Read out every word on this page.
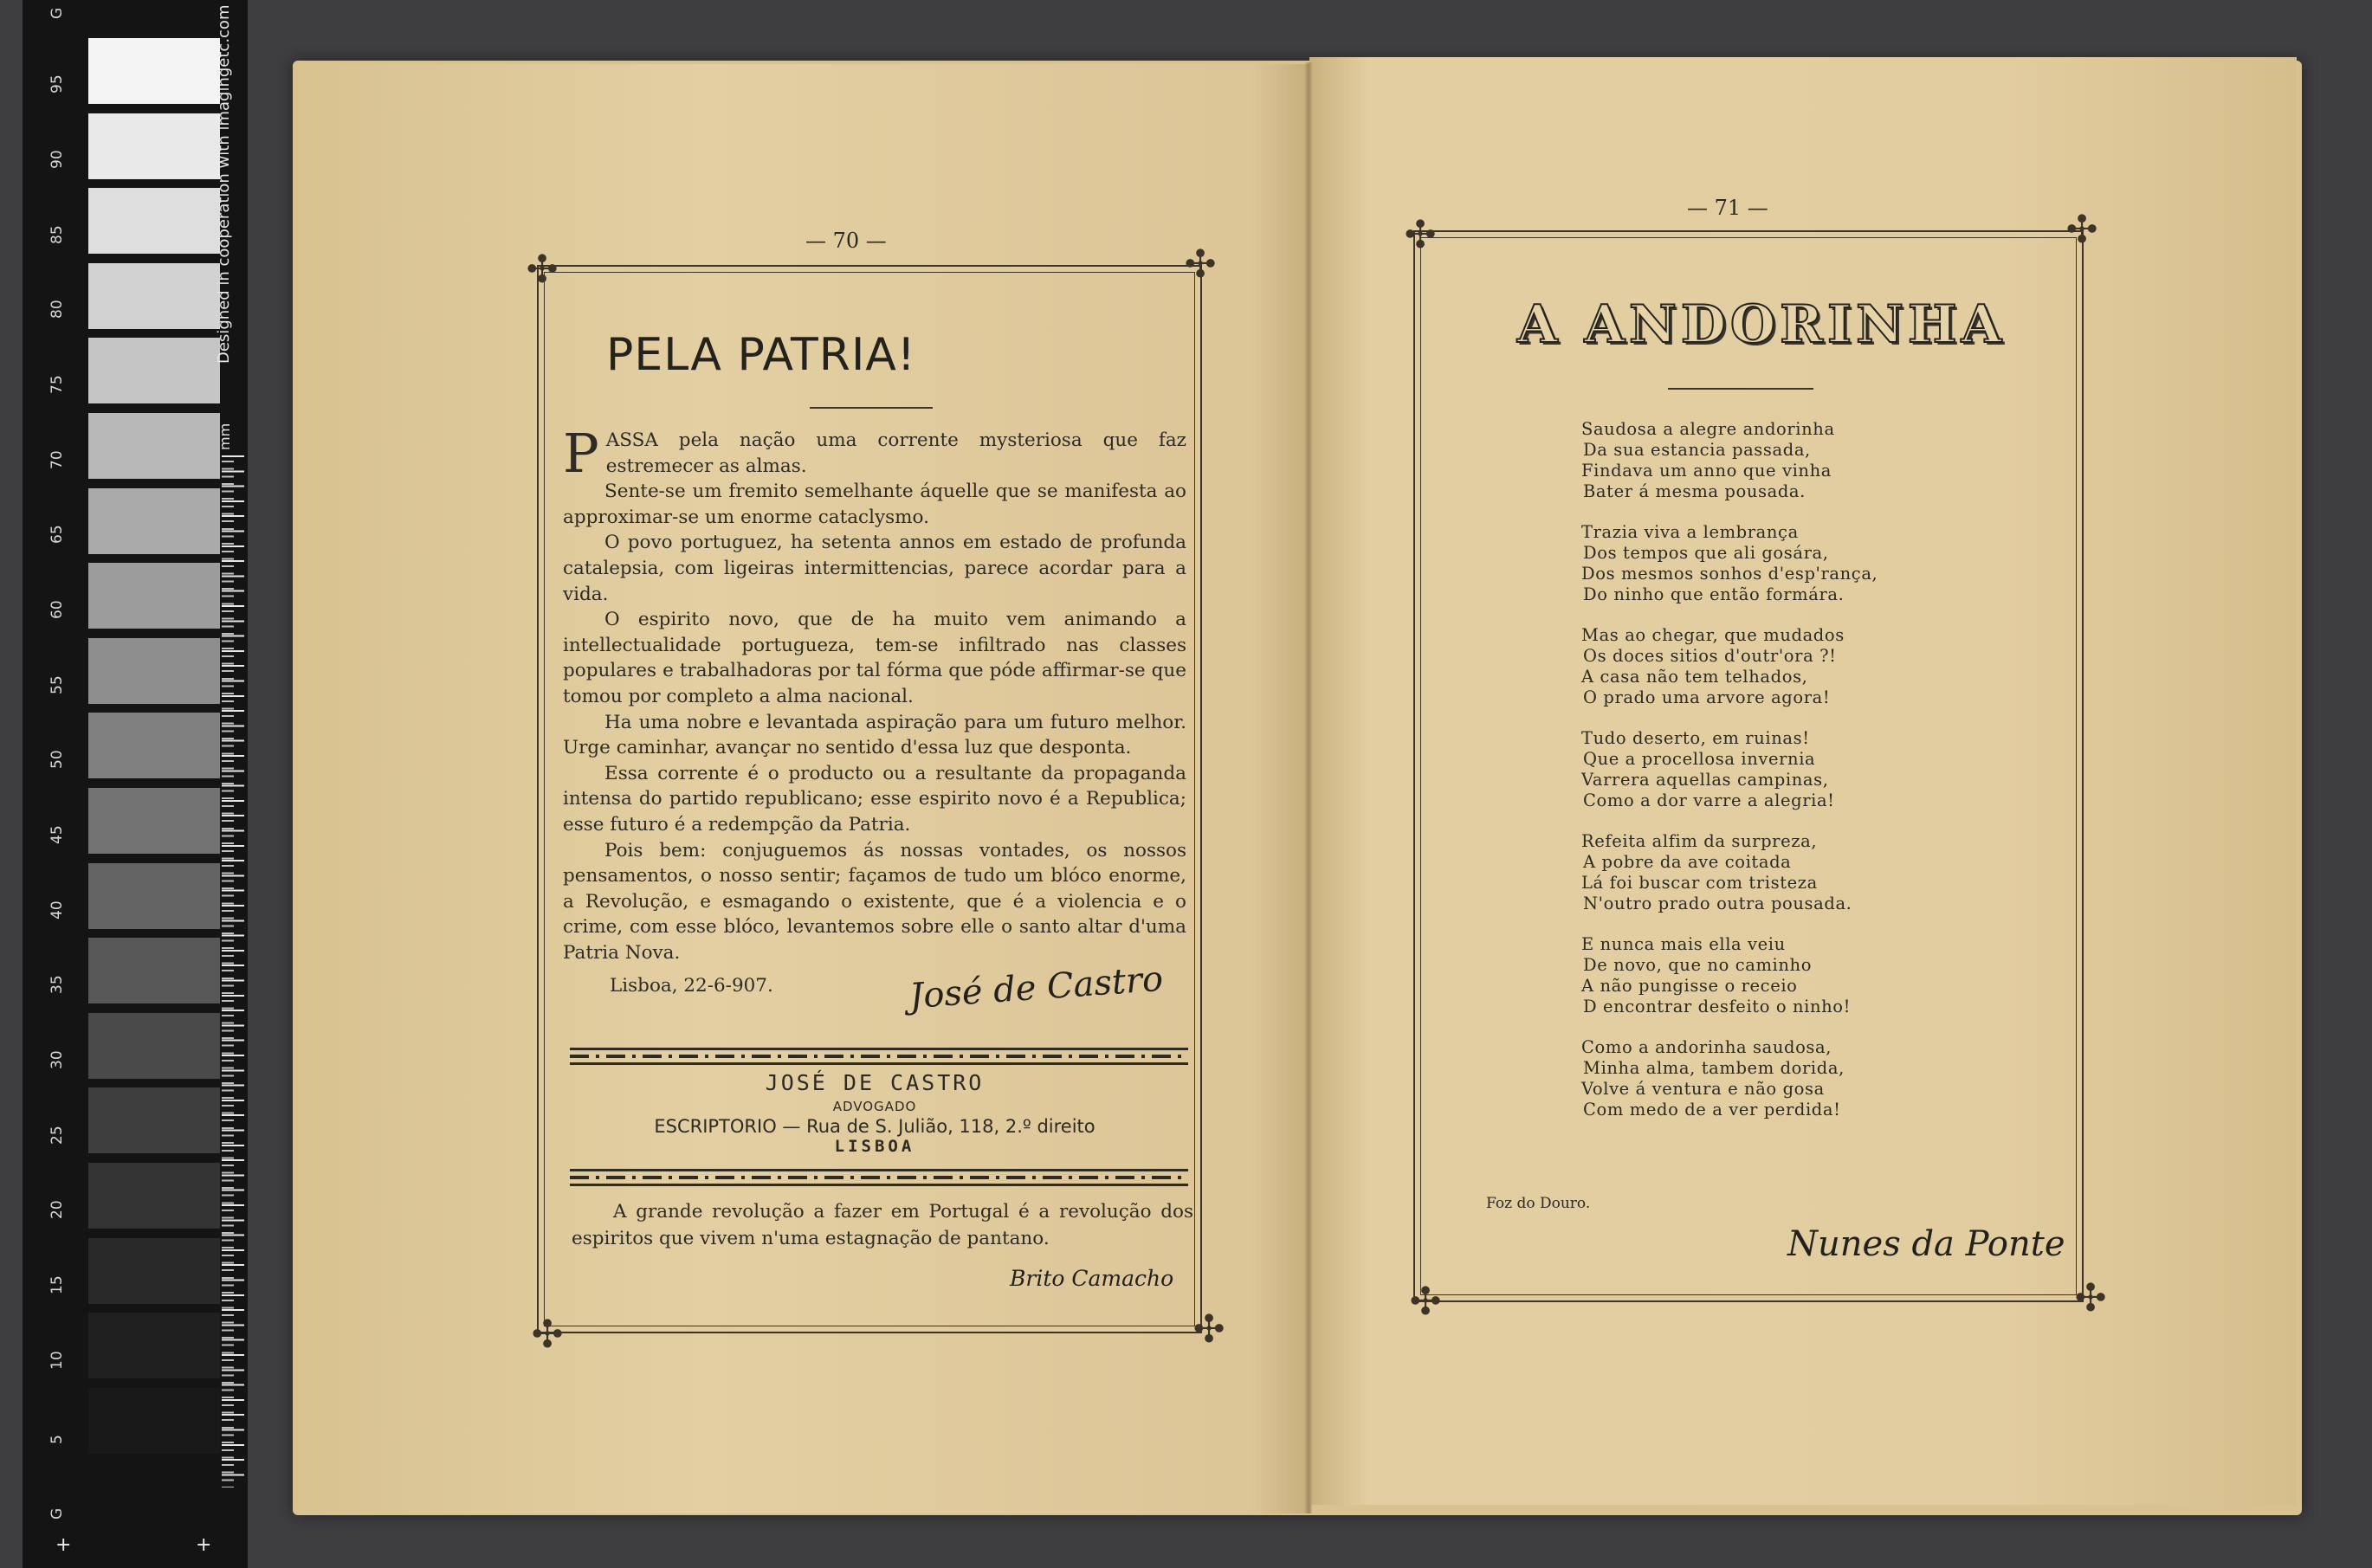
G
95
90
85
80
75
70
65
60
55
50
45
40
35
30
25
20
15
10
5
G
Designed in cooperation with imagingetc.com
mm
+	+
✣	✣
✣	✣
— 70 —
PELA PATRIA!

PASSA pela nação uma corrente mysteriosa que faz estremecer as almas.

Sente-se um fremito semelhante áquelle que se manifesta ao approximar-se um enorme cataclysmo.

O povo portuguez, ha setenta annos em estado de profunda catalepsia, com ligeiras intermittencias, parece acordar para a vida.

O espirito novo, que de ha muito vem animando a intellectualidade portugueza, tem-se infiltrado nas classes populares e trabalhadoras por tal fórma que póde affirmar-se que tomou por completo a alma nacional.

Ha uma nobre e levantada aspiração para um futuro melhor. Urge caminhar, avançar no sentido d'essa luz que desponta.

Essa corrente é o producto ou a resultante da propaganda intensa do partido republicano; esse espirito novo é a Republica; esse futuro é a redempção da Patria.

Pois bem: conjuguemos ás nossas vontades, os nossos pensamentos, o nosso sentir; façamos de tudo um blóco enorme, a Revolução, e esmagando o existente, que é a violencia e o crime, com esse blóco, levantemos sobre elle o santo altar d'uma Patria Nova.

Lisboa, 22-6-907.	José de Castro
JOSÉ DE CASTRO
ADVOGADO
ESCRIPTORIO — Rua de S. Julião, 118, 2.º direito
LISBOA
A grande revolução a fazer em Portugal é a revolução dos espiritos que vivem n'uma estagnação de pantano.
Brito Camacho
✣	✣
✣	✣
— 71 —
A ANDORINHA
Saudosa a alegre andorinha
Da sua estancia passada,
Findava um anno que vinha
Bater á mesma pousada.
Trazia viva a lembrança
Dos tempos que ali gosára,
Dos mesmos sonhos d'esp'rança,
Do ninho que então formára.
Mas ao chegar, que mudados
Os doces sitios d'outr'ora ?!
A casa não tem telhados,
O prado uma arvore agora!
Tudo deserto, em ruinas!
Que a procellosa invernia
Varrera aquellas campinas,
Como a dor varre a alegria!
Refeita alfim da surpreza,
A pobre da ave coitada
Lá foi buscar com tristeza
N'outro prado outra pousada.
E nunca mais ella veiu
De novo, que no caminho
A não pungisse o receio
D encontrar desfeito o ninho!
Como a andorinha saudosa,
Minha alma, tambem dorida,
Volve á ventura e não gosa
Com medo de a ver perdida!
Foz do Douro.
Nunes da Ponte
